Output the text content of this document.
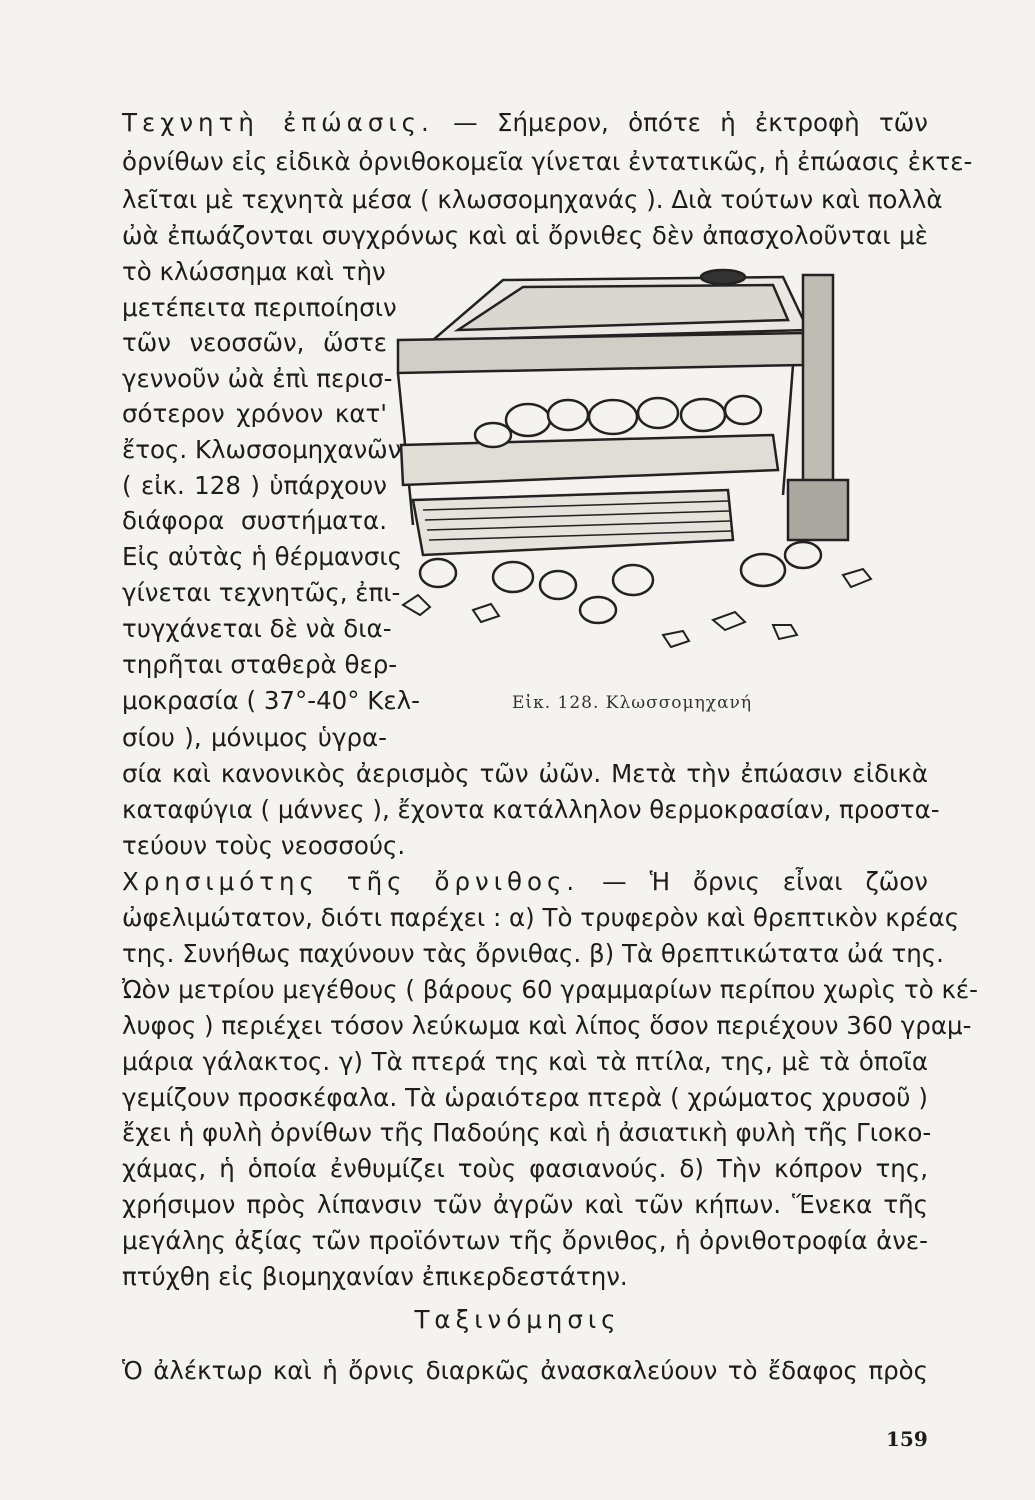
Τεχνητὴ ἐπώασις. — Σήμερον, ὁπότε ἡ ἐκτροφὴ τῶν
ὀρνίθων εἰς εἰδικὰ ὀρνιθοκομεῖα γίνεται ἐντατικῶς, ἡ ἐπώασις ἐκτε-
λεῖται μὲ τεχνητὰ μέσα ( κλωσσομηχανάς ). Διὰ τούτων καὶ πολλὰ
ὠὰ ἐπωάζονται συγχρόνως καὶ αἱ ὄρνιθες δὲν ἀπασχολοῦνται μὲ
τὸ κλώσσημα καὶ τὴν
μετέπειτα περιποίησιν
τῶν νεοσσῶν, ὥστε
γεννοῦν ὠὰ ἐπὶ περισ-
σότερον χρόνον κατ'
ἔτος. Κλωσσομηχανῶν
( εἰκ. 128 ) ὑπάρχουν
διάφορα συστήματα.
Εἰς αὐτὰς ἡ θέρμανσις
γίνεται τεχνητῶς, ἐπι-
τυγχάνεται δὲ νὰ δια-
τηρῆται σταθερὰ θερ-
μοκρασία ( 37°-40° Κελ-
σίου ), μόνιμος ὑγρα-
σία καὶ κανονικὸς ἀερισμὸς τῶν ὠῶν. Μετὰ τὴν ἐπώασιν εἰδικὰ
καταφύγια ( μάννες ), ἔχοντα κατάλληλον θερμοκρασίαν, προστα-
τεύουν τοὺς νεοσσούς.
Εἰκ. 128. Κλωσσομηχανή
Χρησιμότης τῆς ὄρνιθος. — Ἡ ὄρνις εἶναι ζῶον
ὠφελιμώτατον, διότι παρέχει : α) Τὸ τρυφερὸν καὶ θρεπτικὸν κρέας
της. Συνήθως παχύνουν τὰς ὄρνιθας. β) Τὰ θρεπτικώτατα ὠά της.
Ὠὸν μετρίου μεγέθους ( βάρους 60 γραμμαρίων περίπου χωρὶς τὸ κέ-
λυφος ) περιέχει τόσον λεύκωμα καὶ λίπος ὅσον περιέχουν 360 γραμ-
μάρια γάλακτος. γ) Τὰ πτερά της καὶ τὰ πτίλα, της, μὲ τὰ ὁποῖα
γεμίζουν προσκέφαλα. Τὰ ὡραιότερα πτερὰ ( χρώματος χρυσοῦ )
ἔχει ἡ φυλὴ ὀρνίθων τῆς Παδούης καὶ ἡ ἀσιατικὴ φυλὴ τῆς Γιοκο-
χάμας, ἡ ὁποία ἐνθυμίζει τοὺς φασιανούς. δ) Τὴν κόπρον της,
χρήσιμον πρὸς λίπανσιν τῶν ἀγρῶν καὶ τῶν κήπων. Ἕνεκα τῆς
μεγάλης ἀξίας τῶν προϊόντων τῆς ὄρνιθος, ἡ ὀρνιθοτροφία ἀνε-
πτύχθη εἰς βιομηχανίαν ἐπικερδεστάτην.
Ταξινόμησις
Ὁ ἀλέκτωρ καὶ ἡ ὄρνις διαρκῶς ἀνασκαλεύουν τὸ ἔδαφος πρὸς
159
